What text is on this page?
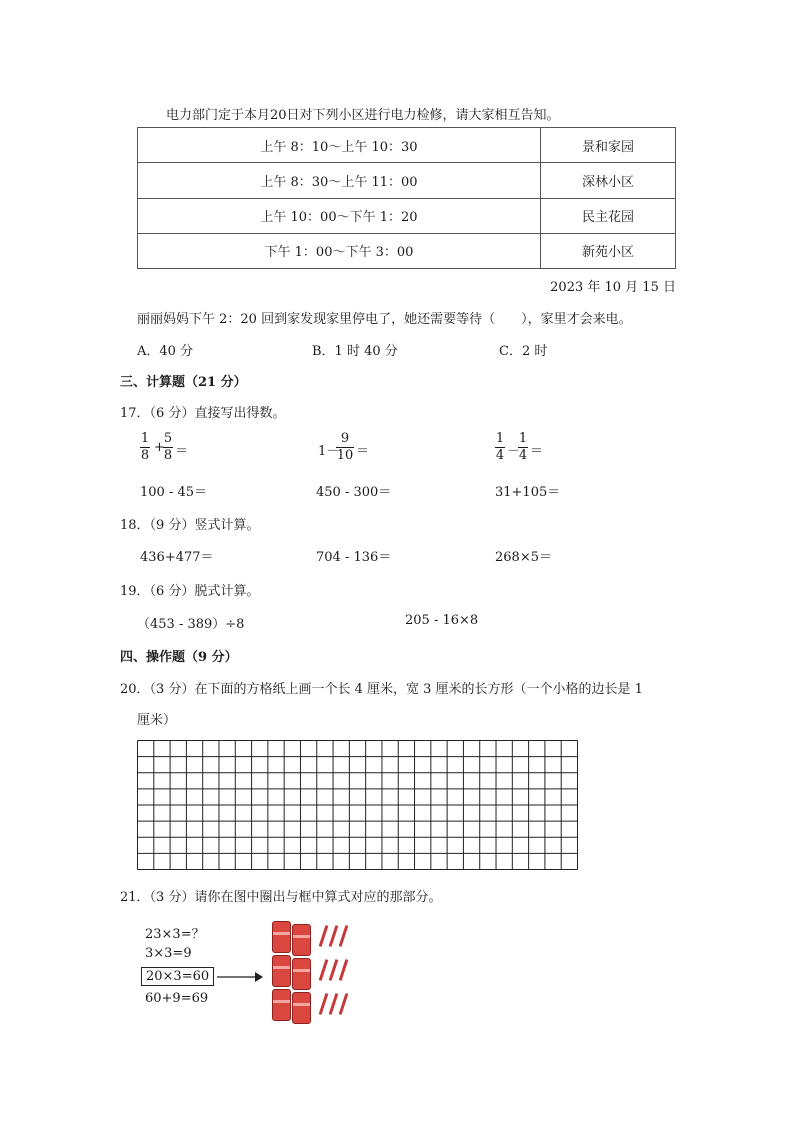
电力部门定于本月20日对下列小区进行电力检修，请大家相互告知。
上午 8：10～上午 10：30	景和家园
上午 8：30～上午 11：00	深林小区
上午 10：00～下午 1：20	民主花园
下午 1：00～下午 3：00	新苑小区
2023 年 10 月 15 日
丽丽妈妈下午 2：20 回到家发现家里停电了，她还需要等待（　　），家里才会来电。
A．40 分	B．1 时 40 分	C．2 时
三、计算题（21 分）
17．（6 分）直接写出得数。
1
8
+
5
8 ＝	1－
9
10 ＝
1
4 －
1
4 ＝
100 - 45＝	450 - 300＝	31+105＝
18．（9 分）竖式计算。
436+477＝	704 - 136＝	268×5＝
19．（6 分）脱式计算。
（453 - 389）÷8	205 - 16×8
四、操作题（9 分）
20．（3 分）在下面的方格纸上画一个长 4 厘米，宽 3 厘米的长方形（一个小格的边长是 1
厘米）
21．（3 分）请你在图中圈出与框中算式对应的那部分。
23×3=？
3×3=9
20×3=60
60+9=69
